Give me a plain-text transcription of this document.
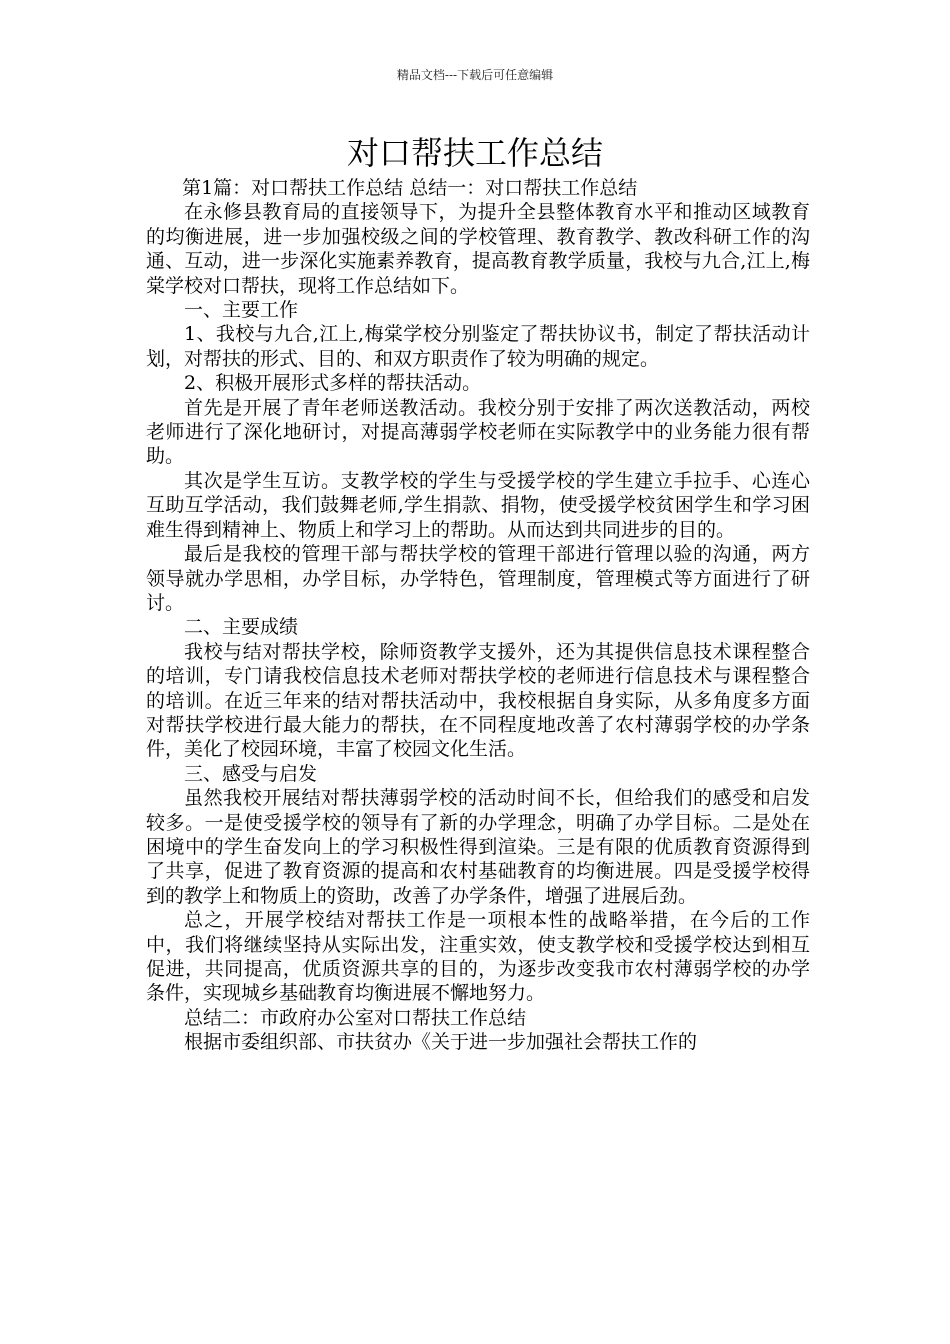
精品文档---下载后可任意编辑
对口帮扶工作总结

第1篇：对口帮扶工作总结 总结一：对口帮扶工作总结

在永修县教育局的直接领导下，为提升全县整体教育水平和推动区域教育的均衡进展，进一步加强校级之间的学校管理、教育教学、教改科研工作的沟通、互动，进一步深化实施素养教育，提高教育教学质量，我校与九合,江上,梅棠学校对口帮扶，现将工作总结如下。

一、主要工作

1、我校与九合,江上,梅棠学校分别鉴定了帮扶协议书，制定了帮扶活动计划，对帮扶的形式、目的、和双方职责作了较为明确的规定。

2、积极开展形式多样的帮扶活动。

首先是开展了青年老师送教活动。我校分别于安排了两次送教活动，两校老师进行了深化地研讨，对提高薄弱学校老师在实际教学中的业务能力很有帮助。

其次是学生互访。支教学校的学生与受援学校的学生建立手拉手、心连心互助互学活动，我们鼓舞老师,学生捐款、捐物，使受援学校贫困学生和学习困难生得到精神上、物质上和学习上的帮助。从而达到共同进步的目的。

最后是我校的管理干部与帮扶学校的管理干部进行管理以验的沟通，两方领导就办学思相，办学目标，办学特色，管理制度，管理模式等方面进行了研讨。

二、主要成绩

我校与结对帮扶学校，除师资教学支援外，还为其提供信息技术课程整合的培训，专门请我校信息技术老师对帮扶学校的老师进行信息技术与课程整合的培训。在近三年来的结对帮扶活动中，我校根据自身实际，从多角度多方面对帮扶学校进行最大能力的帮扶，在不同程度地改善了农村薄弱学校的办学条件，美化了校园环境，丰富了校园文化生活。

三、感受与启发

虽然我校开展结对帮扶薄弱学校的活动时间不长，但给我们的感受和启发较多。一是使受援学校的领导有了新的办学理念，明确了办学目标。二是处在困境中的学生奋发向上的学习积极性得到渲染。三是有限的优质教育资源得到了共享，促进了教育资源的提高和农村基础教育的均衡进展。四是受援学校得到的教学上和物质上的资助，改善了办学条件，增强了进展后劲。

总之，开展学校结对帮扶工作是一项根本性的战略举措，在今后的工作中，我们将继续坚持从实际出发，注重实效，使支教学校和受援学校达到相互促进，共同提高，优质资源共享的目的，为逐步改变我市农村薄弱学校的办学条件，实现城乡基础教育均衡进展不懈地努力。

总结二：市政府办公室对口帮扶工作总结

根据市委组织部、市扶贫办《关于进一步加强社会帮扶工作的
